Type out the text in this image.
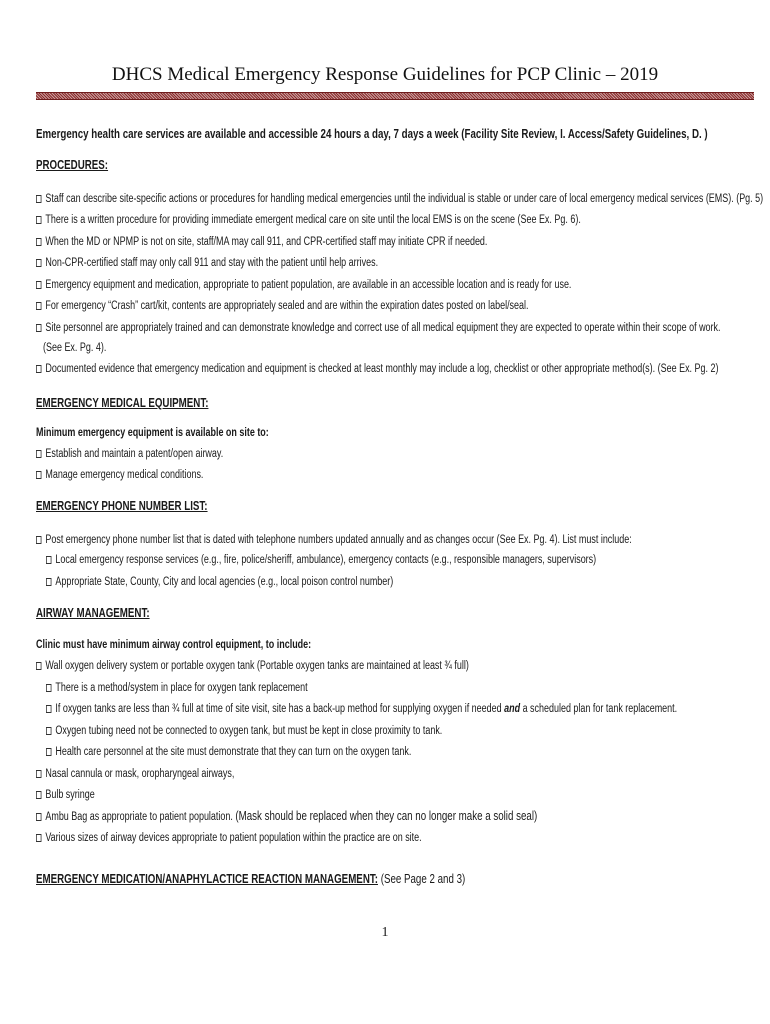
DHCS Medical Emergency Response Guidelines for PCP Clinic – 2019
Emergency health care services are available and accessible 24 hours a day, 7 days a week (Facility Site Review, I. Access/Safety Guidelines, D. )
PROCEDURES:
Staff can describe site-specific actions or procedures for handling medical emergencies until the individual is stable or under care of local emergency medical services (EMS). (Pg. 5)
There is a written procedure for providing immediate emergent medical care on site until the local EMS is on the scene (See Ex. Pg. 6).
When the MD or NPMP is not on site, staff/MA may call 911, and CPR-certified staff may initiate CPR if needed.
Non-CPR-certified staff may only call 911 and stay with the patient until help arrives.
Emergency equipment and medication, appropriate to patient population, are available in an accessible location and is ready for use.
For emergency “Crash” cart/kit, contents are appropriately sealed and are within the expiration dates posted on label/seal.
Site personnel are appropriately trained and can demonstrate knowledge and correct use of all medical equipment they are expected to operate within their scope of work.
(See Ex. Pg. 4).
Documented evidence that emergency medication and equipment is checked at least monthly may include a log, checklist or other appropriate method(s). (See Ex. Pg. 2)
EMERGENCY MEDICAL EQUIPMENT:
Minimum emergency equipment is available on site to:
Establish and maintain a patent/open airway.
Manage emergency medical conditions.
EMERGENCY PHONE NUMBER LIST:
Post emergency phone number list that is dated with telephone numbers updated annually and as changes occur (See Ex. Pg. 4). List must include:
Local emergency response services (e.g., fire, police/sheriff, ambulance), emergency contacts (e.g., responsible managers, supervisors)
Appropriate State, County, City and local agencies (e.g., local poison control number)
AIRWAY MANAGEMENT:
Clinic must have minimum airway control equipment, to include:
Wall oxygen delivery system or portable oxygen tank (Portable oxygen tanks are maintained at least ¾ full)
There is a method/system in place for oxygen tank replacement
If oxygen tanks are less than ¾ full at time of site visit, site has a back-up method for supplying oxygen if needed and a scheduled plan for tank replacement.
Oxygen tubing need not be connected to oxygen tank, but must be kept in close proximity to tank.
Health care personnel at the site must demonstrate that they can turn on the oxygen tank.
Nasal cannula or mask, oropharyngeal airways,
Bulb syringe
Ambu Bag as appropriate to patient population. (Mask should be replaced when they can no longer make a solid seal)
Various sizes of airway devices appropriate to patient population within the practice are on site.
EMERGENCY MEDICATION/ANAPHYLACTICE REACTION MANAGEMENT: (See Page 2 and 3)
1
